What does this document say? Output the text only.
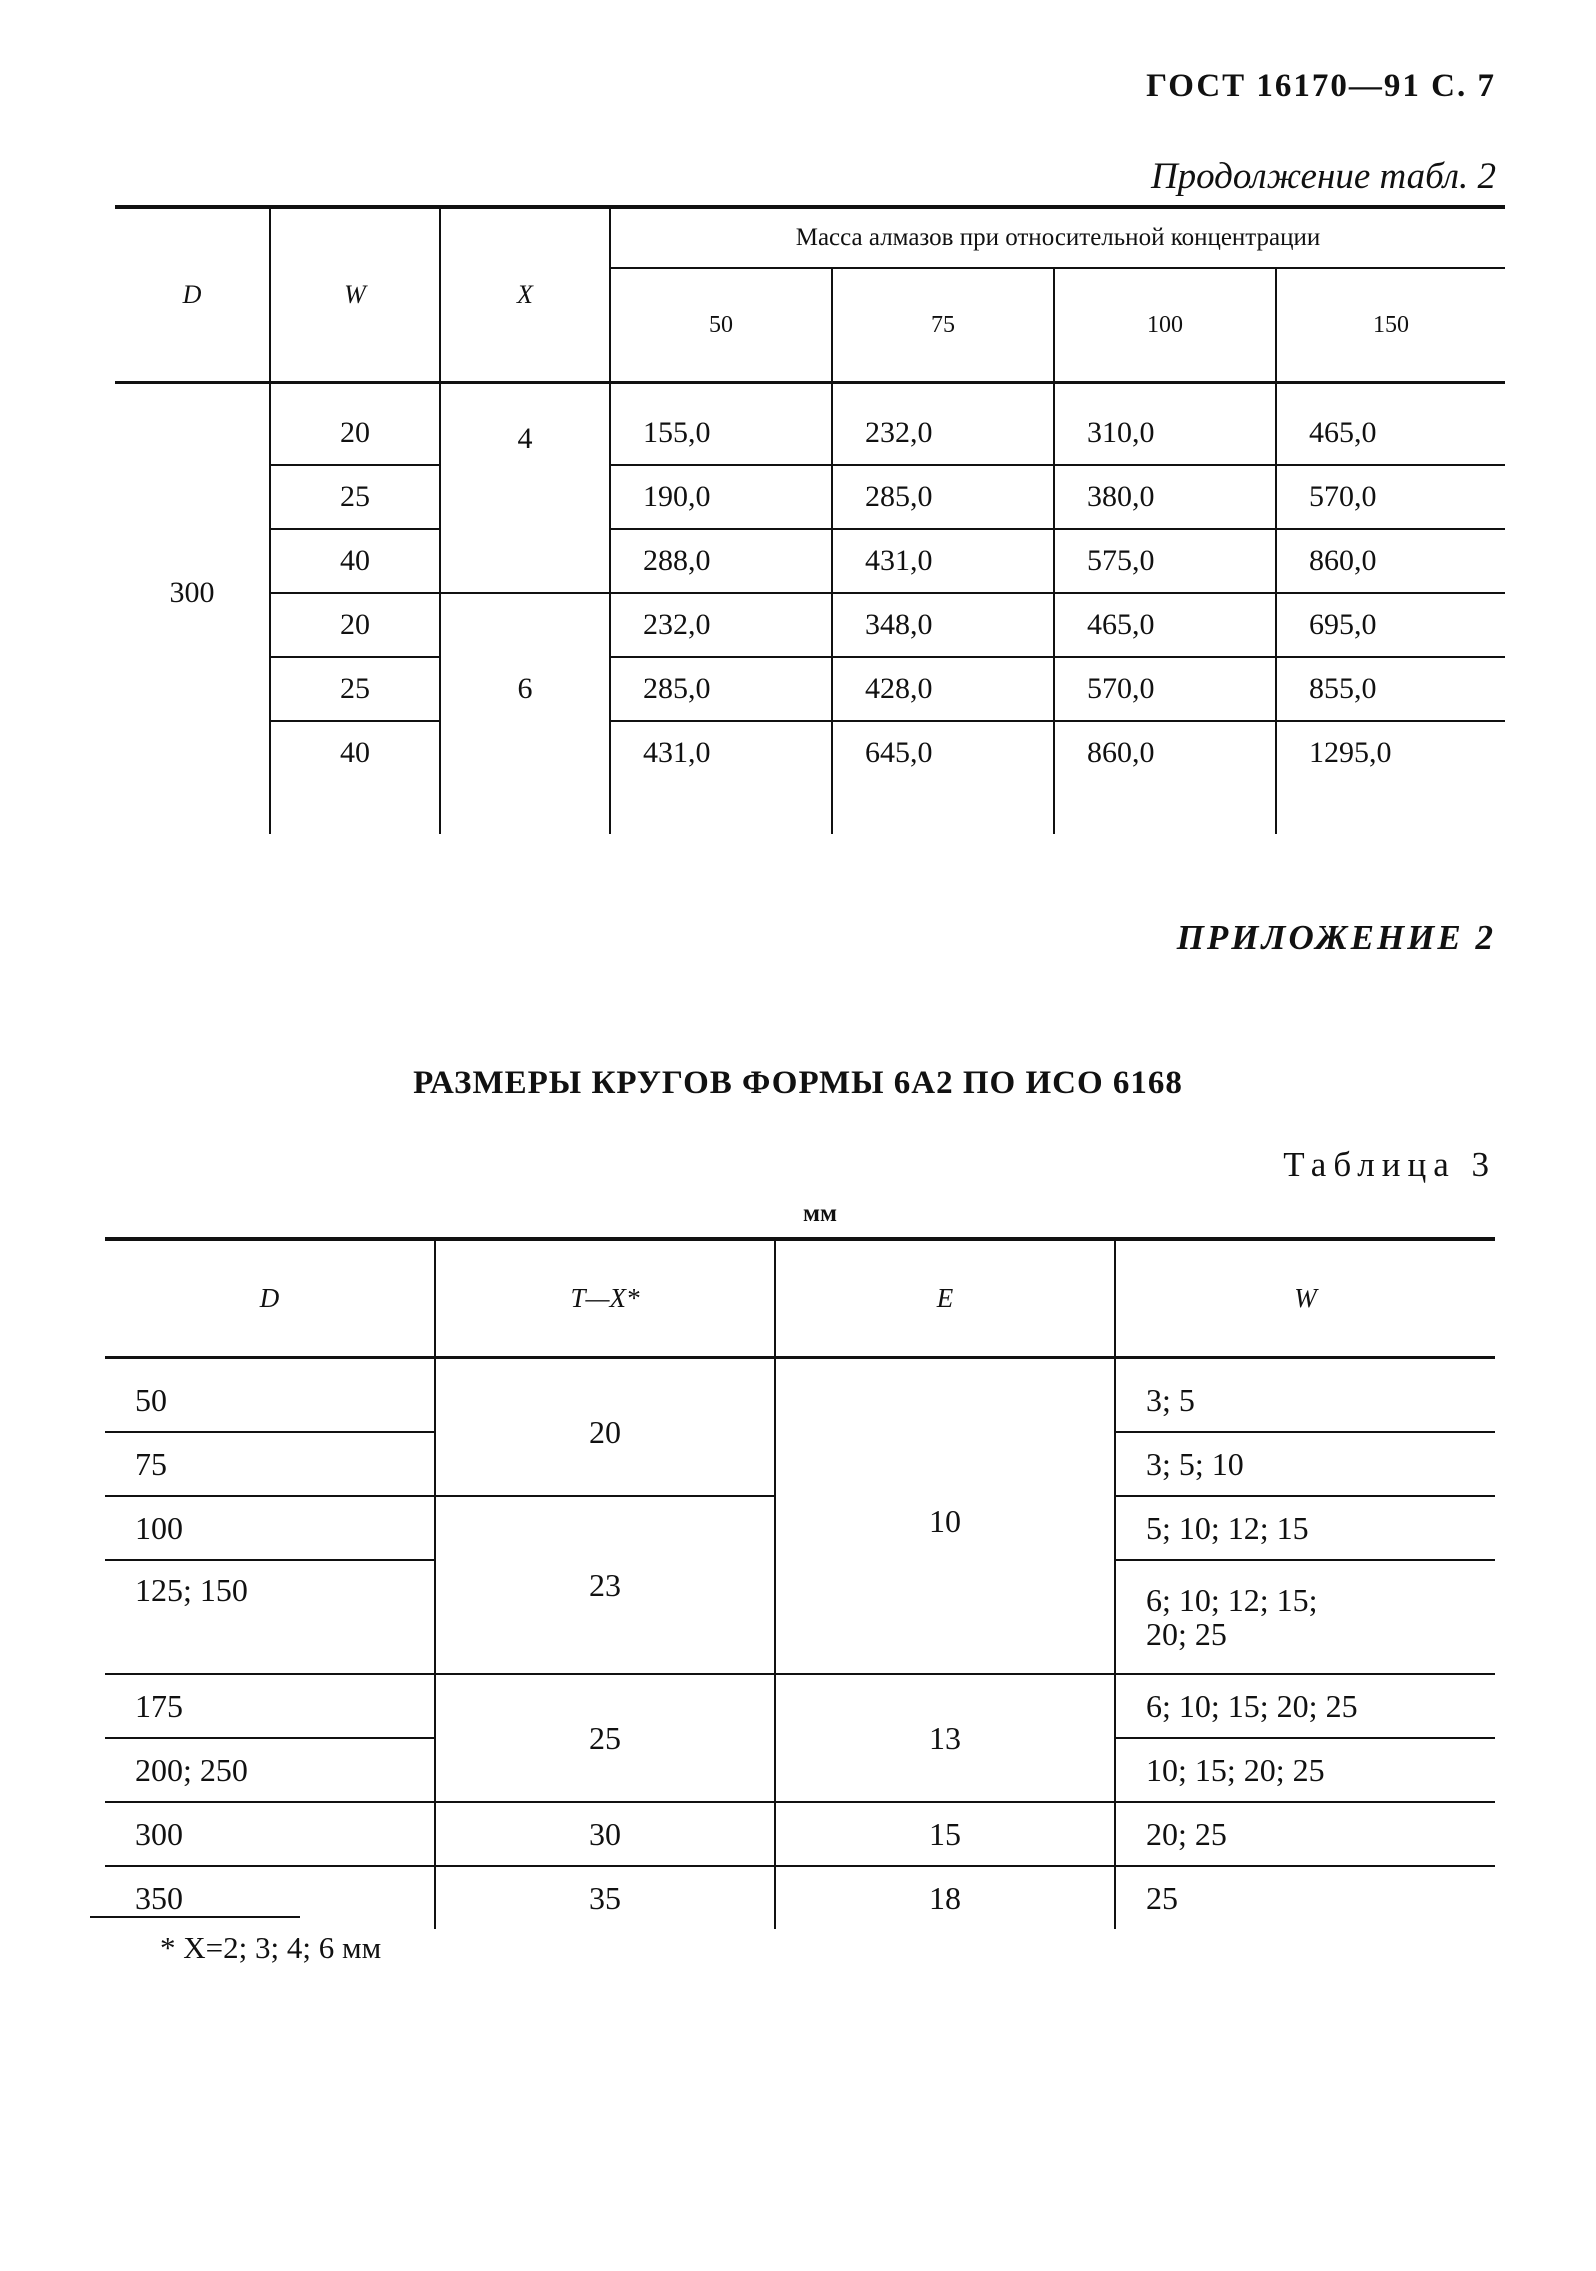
ГОСТ 16170—91 С. 7
Продолжение табл. 2
D	W	X	Масса алмазов при относительной концентрации			
			50	75	100	150

300	20	4	155,0	232,0	310,0	465,0
	25		190,0	285,0	380,0	570,0
	40		288,0	431,0	575,0	860,0
	20	6	232,0	348,0	465,0	695,0
	25		285,0	428,0	570,0	855,0
	40		431,0	645,0	860,0	1295,0

ПРИЛОЖЕНИЕ 2
РАЗМЕРЫ КРУГОВ ФОРМЫ 6А2 ПО ИСО 6168
Таблица 3
мм
D	T—X*	E	W

50	20	10	3; 5
75			3; 5; 10
100	23		5; 10; 12; 15
125; 150			6; 10; 12; 15;
20; 25

175	25	13	6; 10; 15; 20; 25
200; 250			10; 15; 20; 25
300	30	15	20; 25
350	35	18	25
* X=2; 3; 4; 6 мм
